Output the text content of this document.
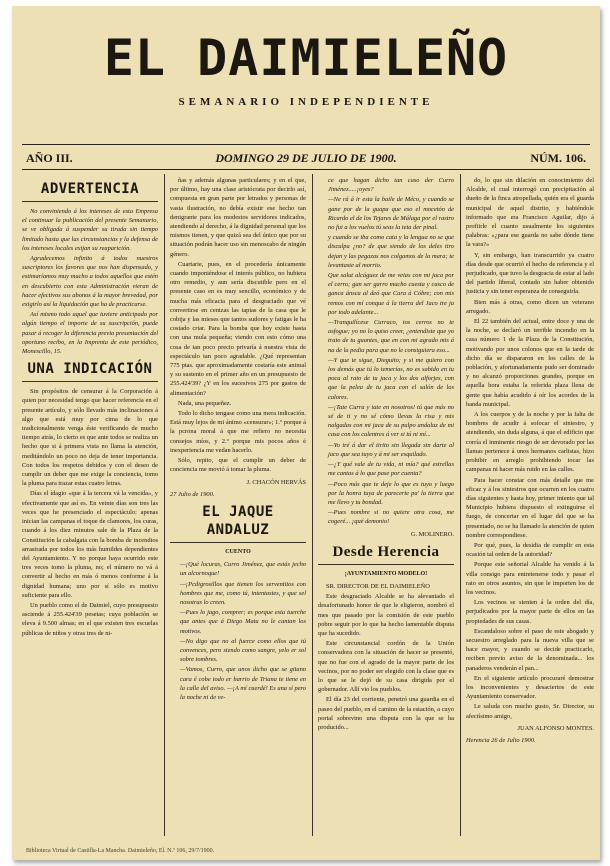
EL DAIMIELEÑO
SEMANARIO INDEPENDIENTE
AÑO III.	DOMINGO 29 DE JULIO DE 1900.	NÚM. 106.
ADVERTENCIA

No conviniendo á los intereses de esta Empresa el continuar la publicación del presente Semanario, se ve obligada á suspender su tirada sin tiempo limitado hasta que las circunstancias y la defensa de los intereses locales exijan su reaparición.

Agradecemos infinito á todos nuestros suscriptores los favores que nos han dispensado, y estimaríamos muy mucho a todos aquellos que estén en descubierto con esta Administración vieran de hacer efectivos sus abonos á la mayor brevedad, por exigirlo así la liquidación que ha de practicarse.

Así mismo todo aquel que tuviere anticipado por algún tiempo el importe de su suscripción, puede pasar á recoger la diferencia previa presentación del oportuno recibo, en la Imprenta de este periódico, Monescillo, 15.

UNA INDICACIÓN

Sin propósitos de censurar á la Corporación á quien por necesidad tengo que hacer referencia en el presente artículo, y sólo llevado más inclinaciones á algo que está muy por cima de lo que tradicionalmente venga éste verificando de mucho tiempo atrás, lo cierto es que ante todos se realiza un hecho que si á primera vista no llama la atención, meditándolo un poco no deja de tener importancia. Con todos los respetos debidos y con el deseo de cumplir un deber que me exige la conciencia, tomo la pluma para trazar estas cuatro letras.

Días el ídagio «que á la tercera vá la vencida», y efectivamente que así es. En veinte días son tres las veces que he presenciado el espectáculo: apenas inician las campanas el toque de clamores, los curas, cuando á los diez minutos sale de la Plaza de la Constitución la cabalgata con la bomba de incendios arrastrada por todos los más humildes dependientes del Ayuntamiento. Y no porque haya ocurrido este tres veces tomo la pluma, no; el número no vá á convertir al hecho en más ó menos conforme á la dignidad humana; uno por sí sólo es motivo suficiente para ello.

Un pueblo como el de Daimiel, cuyo presupuesto asciende á 255.424'39 pesetas; cuya población se eleva á 9.500 almas; en el que existen tres escuelas públicas de niños y otras tres de ni-

ñas y además algunas particulares; y en el que, por último, hay una clase aristócrata por decirlo así, compuesta en gran parte por letrados y personas de vasta ilustración, no debía existir ese hecho tan denigrante para los modestos servidores indicados, atendiendo al derecho, á la dignidad personal que los mismos tienen, y que quizá sea del único que por su situación podrán hacer uso sin menoscabo de ningún género.

Cuartarie, pues, en el procedería únicamente cuando imponiéndose el interés público, no hubiera otro remedio, y aun sería discutible pero en el presente caso en es muy sencillo, económico y de mucha más eficacia para el desgraciado que vé convertirse en cenizas las tapias de la casa que le cobija y las mieses que tantos sudores y fatigas le ha costado criar. Para la bomba que hoy existe basta con una mula pequeña; viendo con esto cómo una cosa de tan poco precio privaría á nuestra vista de espectáculo tan poco agradable. ¿Qué representan 775 ptas. que aproximadamente costaría este animal y su sustento en el primer año en un presupuesto de 255.424'39? ¿Y en los sucesivos 275 por gastos de alimentación?

Nada, una pequeñez.

Todo lo dicho tengase como una mera indicación. Está muy lejos de mi ánimo «censurar»; 1.º porque á la pcrona moral á que me refiero no necesita consejos míos, y 2.º porque mis pocos años é inexperiencia me vedan hacerlo.

Sólo, repito, que el cumplir un deber de conciencia me movió á tomar la pluma.

J. CHACÓN HERVÁS
27 Julio de 1900.
EL JAQUE ANDALUZ
CUENTO

—¡Qué locuras, Curro Jiménez, que estás jecho un alcornoque!

—¡Pcdigrosillos que tienen los serventitos con hombres que me, como tú, intentastes, y que sel nosotras lo creen.

—Pues lo jago, comprer; es porque esta tuerche que antes que á Diego Matu no le cantan los motivos.

—No digo que no al fuerce como ellos que tú convences, pero siendo como sangre, yelo er sol sobre tombres.

—Vamos, Curro, que unos dicho que se gitano cara é cobe todo er barrio de Triana te tiene en la calle del aviso. —¡A mí cuerdé! Es una sí pero la noche ni de ve-

ce que hagan dicho tan caso der Curro Jiménez.....¡oyes?

—Ne rá á ir esta la baile de Méco, y cuando se gane por de la guapa que eso el mocetón de Ricardo el de los Tejares de Málaga por el rastro no fui a los vuelos tú seas la teta der pinal.

y cuando se iba como cata y la lengua no se que disculpa ¿no? de que siendo de los deles tiro dejan y las pegazas nos colgamos de la mara; te levantaste al morrio.

Que salut alcáguez de me veias con mi jaca por el cerro; gan ser garro mucho cuesta y casco de ganca ánsca al deó que Cara á Cóbre; con mis remos con mí conque á la tierra del Jaco tre ja por todo adelante...

—Tranquilícese Curraco, tos cerros no te asfogue; yo no lo quiso creer, ¿entendiste que yo trato de tu guantes, que en con mi agrado mis á na de la pedia para que no le consiguiera eso...

—Y que te sigue, Dieguito; y si me quiero con los demás que tú lo temerías, no es sabido en tu poca al rato de tu jaca y los dos alforjes, con que la pelea de tu jaca con el salón de los calores.

—¡Tate Curra y tate en nosotros! tú que más no sé de ti y no sé cómo llevas la risa y mis nalgadas con mi jaca de su pulpo andaluz de mi casa con los calentres á ver si tú ni mí...

—Yo iré á dar el tirito sin llegada sin darte al jaco que sea tuyo y á mi ser esquilado.

—¿Y qué vale de tu vida, ni mía? qué estrellas me cantas á lo que pase por cuenta?

—Poco más que te deje lo que es tuyo y luego por la honra tuya de parecerte pa' la tierra que me llevo y tu bondad.

—Pues nombre si no quiere otra cosa, me cogeré... ¡qué demonio!

G. MOLINERO.
Desde Herencia
¡AYUNTAMIENTO MODELO!

SR. DIRECTOR DE EL DAIMIELEÑO

Este desgraciado Alcalde se ha alevantado el desafortunado honor de que le eligieron, nombró el mes que pasado por la comisión de este pueblo pobre seguir por lo que ha hecho lamentable disputa que ha sucedido.

Este circunstancial cordón de la Unión conservadora con la situación de hacer se presentó, que no fue con el agrado de la mayor parte de los vecinos, por no poder ser elegido con la clase que es lo que se le dejó de su casa dirigida por el gobernador. Allí vio los pueblos.

El día 23 del corriente, penetró una guardia en el paseo del pueblo, en el camino de la estación, a cuyo portal sobrevino una disputa con la que se ha producido...

do, lo que sin dilación en conocimiento del Alcalde, el cual interrogó con precipitación al dueño de la finca atropellada, quién era el guarda municipal de aquel distrito, y habiéndole informado que era Francisco Aguilar, dijo á profiirle el cuanto usualmente los siguientes palabras: «¿para ese guarda no sabe dónde tiene la vara?»

Y, sin embargo, han transcurrido ya cuatro días desde que ocurrió el hecho de referencia y el perjudicado, que tuvo la desgracia de estar al lado del partido liberal, contado sin haber obtenido justicia y sin tener esperanza de conseguirla.

Bien más á otras, como dicen un veterano arregado.

El 22 también del actual, entre doce y una de la noche, se declaró un terrible incendio en la casa número 1 de la Plaza de la Constitución, motivando por unos colonos que en la tarde de dicho día se dispararon en los calles de la población, y afortunadamente pudo ser dominado y no alcanzó proporciones grandes, porque en aquella hora estaba la referida plaza llena de gente que había acudido á oír los acordes de la banda municipal.

A los cuerpos y de la noche y por la falta de hombres de acudir á sofocar el siniestro, y atendiendo, sin duda alguna, á que el edificio que corría el inminente riesgo de ser devorado por las llamas pertenece á unos hermanos carlistas, hizo prohibir en arreglo prohibiendo tocar las campanas ni hacer más ruido en las calles.

Para hacer constar con más detalle que me eficaz y á los siniestros que ocurren en los cuatro días siguientes y hasta hoy, primer intento que tal Municipio hubiera dispuesto el extinguirse el fuego, de concertar en el lugar del que se ha presentado, no se ha llamado la atención de quien nombre correspondiese.

Por qué, pues, la desidia de cumplir en esta ocasión tal orden de la autoridad?

Porque este señorial Alcalde ha venido á la villa consigo para entretenerse todo y pasar el rato en otros asuntos, sin que le importen los de los vecinos.

Los vecinos se sienten á la orden del día, perjudicados por la mayor parte de ellos en las propiedades de sus casas.

Escandaloso sobre el paso de este abogado y secuestro arreglado para la nueva villa que se hace mayor, y cuando se decide practicarlo, reciben previo aviso de la denominada... los panaderos venderán el pan...

En el siguiente artículo procuraré demostrar los inconvenientes y desaciertos de este Ayuntamiento conservador.

Le saluda con mucho gusto, Sr. Director, su afectísimo amigo,

JUAN ALFONSO MONTES.
Herencia 26 de Julio 1900.
Biblioteca Virtual de Castilla-La Mancha. Daimieleño, El. N.º 106, 29/7/1900.
